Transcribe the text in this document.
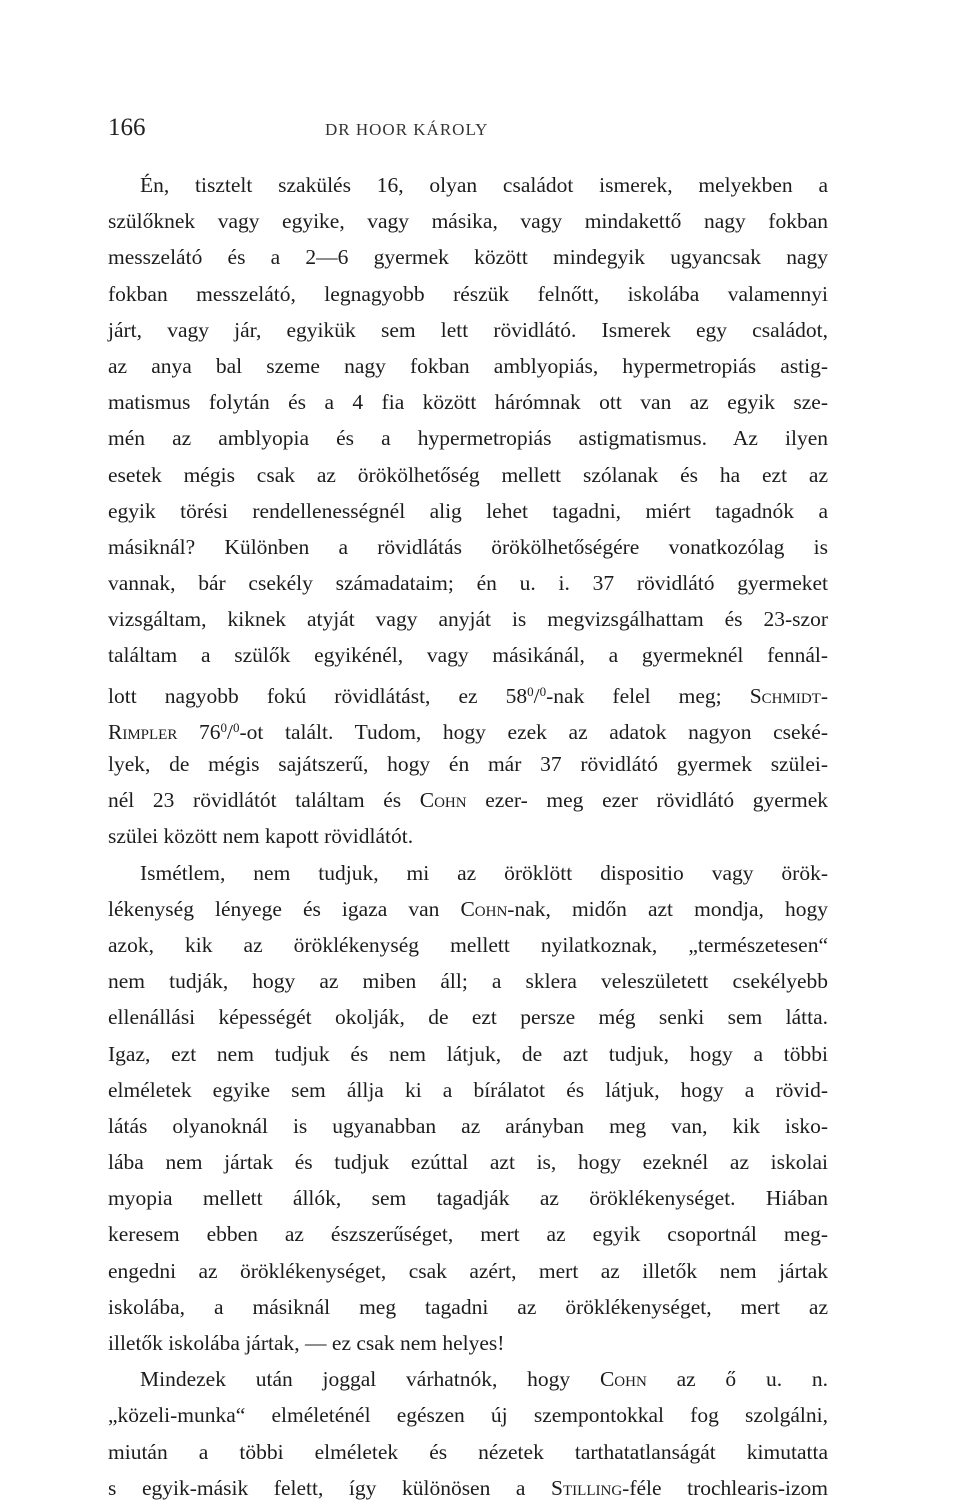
166	DR HOOR KÁROLY
Én, tisztelt szakülés 16, olyan családot ismerek, melyekben a
szülőknek vagy egyike, vagy másika, vagy mindakettő nagy fokban
messzelátó és a 2—6 gyermek között mindegyik ugyancsak nagy
fokban messzelátó, legnagyobb részük felnőtt, iskolába valamennyi
járt, vagy jár, egyikük sem lett rövidlátó. Ismerek egy családot,
az anya bal szeme nagy fokban amblyopiás, hypermetropiás astig-
matismus folytán és a 4 fia között hárómnak ott van az egyik sze-
mén az amblyopia és a hypermetropiás astigmatismus. Az ilyen
esetek mégis csak az örökölhetőség mellett szólanak és ha ezt az
egyik törési rendellenességnél alig lehet tagadni, miért tagadnók a
másiknál? Különben a rövidlátás örökölhetőségére vonatkozólag is
vannak, bár csekély számadataim; én u. i. 37 rövidlátó gyermeket
vizsgáltam, kiknek atyját vagy anyját is megvizsgálhattam és 23-szor
találtam a szülők egyikénél, vagy másikánál, a gyermeknél fennál-
lott nagyobb fokú rövidlátást, ez $58^0/^0$-nak felel meg; Schmidt-
Rimpler $76^0/^0-ot$ talált. Tudom, hogy ezek az adatok nagyon cseké-
lyek, de mégis sajátszerű, hogy én már 37 rövidlátó gyermek szülei-
nél 23 rövidlátót találtam és Cohn ezer- meg ezer rövidlátó gyermek
szülei között nem kapott rövidlátót.
Ismétlem, nem tudjuk, mi az öröklött dispositio vagy örök-
lékenység lényege és igaza van Cohn-nak, midőn azt mondja, hogy
azok, kik az öröklékenység mellett nyilatkoznak, „természetesen“
nem tudják, hogy az miben áll; a sklera veleszületett csekélyebb
ellenállási képességét okolják, de ezt persze még senki sem látta.
Igaz, ezt nem tudjuk és nem látjuk, de azt tudjuk, hogy a többi
elméletek egyike sem állja ki a bírálatot és látjuk, hogy a rövid-
látás olyanoknál is ugyanabban az arányban meg van, kik isko-
lába nem jártak és tudjuk ezúttal azt is, hogy ezeknél az iskolai
myopia mellett állók, sem tagadják az öröklékenységet. Hiában
keresem ebben az észszerűséget, mert az egyik csoportnál meg-
engedni az öröklékenységet, csak azért, mert az illetők nem jártak
iskolába, a másiknál meg tagadni az öröklékenységet, mert az
illetők iskolába jártak, — ez csak nem helyes!
Mindezek után joggal várhatnók, hogy Cohn az ő u. n.
„közeli-munka“ elméleténél egészen új szempontokkal fog szolgálni,
miután a többi elméletek és nézetek tarthatatlanságát kimutatta
s egyik-másik felett, így különösen a Stilling-féle trochlearis-izom
